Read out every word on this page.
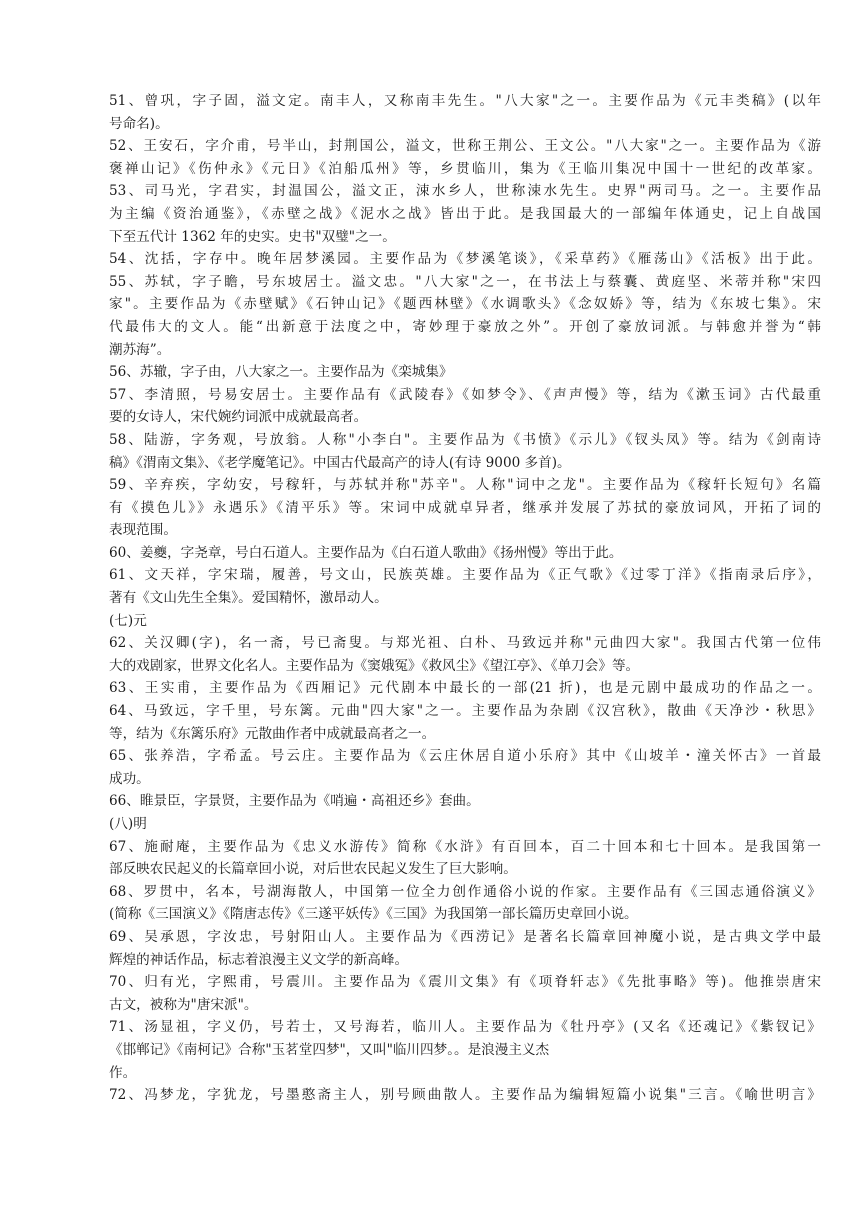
51、曾巩，字子固，溢文定。南丰人，又称南丰先生。"八大家"之一。主要作品为《元丰类稿》(以年
号命名)。
52、王安石，字介甫，号半山，封荆国公，溢文，世称王荆公、王文公。"八大家"之一。主要作品为《游
褒禅山记》《伤仲永》《元日》《泊船瓜州》等，乡贯临川，集为《王临川集况中国十一世纪的改革家。
53、司马光，字君实，封温国公，溢文正，涑水乡人，世称涑水先生。史界"两司马。之一。主要作品
为主编《资治通鉴》，《赤壁之战》《泥水之战》皆出于此。是我国最大的一部编年体通史，记上自战国
下至五代计 1362 年的史实。史书"双璧"之一。
54、沈括，字存中。晚年居梦溪园。主要作品为《梦溪笔谈》，《采草药》《雁荡山》《活板》出于此。
55、苏轼，字子瞻，号东坡居士。溢文忠。"八大家"之一，在书法上与蔡囊、黄庭坚、米蒂并称"宋四
家"。主要作品为《赤壁赋》《石钟山记》《题西林壁》《水调歌头》《念奴娇》等，结为《东坡七集》。宋
代最伟大的文人。能“出新意于法度之中，寄妙理于豪放之外”。开创了豪放词派。与韩愈并誉为“韩
潮苏海”。
56、苏辙，字子由，八大家之一。主要作品为《栾城集》
57、李清照，号易安居士。主要作品有《武陵春》《如梦令》、《声声慢》等，结为《漱玉词》古代最重
要的女诗人，宋代婉约词派中成就最高者。
58、陆游，字务观，号放翁。人称"小李白"。主要作品为《书愤》《示儿》《钗头凤》等。结为《剑南诗
稿》《渭南文集》、《老学魔笔记》。中国古代最高产的诗人(有诗 9000 多首)。
59、辛弃疾，字幼安，号稼轩，与苏轼并称"苏辛"。人称"词中之龙"。主要作品为《稼轩长短句》名篇
有《摸色儿》》永遇乐》《清平乐》等。宋词中成就卓异者，继承并发展了苏拭的豪放词风，开拓了词的
表现范围。
60、姜夔，字尧章，号白石道人。主要作品为《白石道人歌曲》《扬州慢》等出于此。
61、文天祥，字宋瑞，履善，号文山，民族英雄。主要作品为《正气歌》《过零丁洋》《指南录后序》，
著有《文山先生全集》。爱国精怀，激昂动人。
(七)元
62、关汉卿(字)，名一斋，号已斋叟。与郑光祖、白朴、马致远并称"元曲四大家"。我国古代第一位伟
大的戏剧家，世界文化名人。主要作品为《窦娥冤》《救风尘》《望江亭》、《单刀会》等。
63、王实甫，主要作品为《西厢记》元代剧本中最长的一部(21 折)，也是元剧中最成功的作品之一。
64、马致远，字千里，号东篱。元曲"四大家"之一。主要作品为杂剧《汉宫秋》，散曲《天净沙・秋思》
等，结为《东篱乐府》元散曲作者中成就最高者之一。
65、张养浩，字希孟。号云庄。主要作品为《云庄休居自道小乐府》其中《山坡羊・潼关怀古》一首最
成功。
66、睢景臣，字景贤，主要作品为《哨遍・高祖还乡》套曲。
(八)明
67、施耐庵，主要作品为《忠义水游传》简称《水浒》有百回本，百二十回本和七十回本。是我国第一
部反映农民起义的长篇章回小说，对后世农民起义发生了巨大影响。
68、罗贯中，名本，号湖海散人，中国第一位全力创作通俗小说的作家。主要作品有《三国志通俗演义》
(简称《三国演义》《隋唐志传》《三遂平妖传》《三国》为我国第一部长篇历史章回小说。
69、吴承恩，字汝忠，号射阳山人。主要作品为《西涝记》是著名长篇章回神魔小说，是古典文学中最
辉煌的神话作品，标志着浪漫主义文学的新高峰。
70、归有光，字熙甫，号震川。主要作品为《震川文集》有《项脊轩志》《先批事略》等)。他推崇唐宋
古文，被称为"唐宋派"。
71、汤显祖，字义仍，号若士，又号海若，临川人。主要作品为《牡丹亭》(又名《还魂记》《紫钗记》
《邯郸记》《南柯记》合称"玉茗堂四梦"，又叫"临川四梦。。是浪漫主义杰
作。
72、冯梦龙，字犹龙，号墨憨斋主人，别号顾曲散人。主要作品为编辑短篇小说集"三言。《喻世明言》
